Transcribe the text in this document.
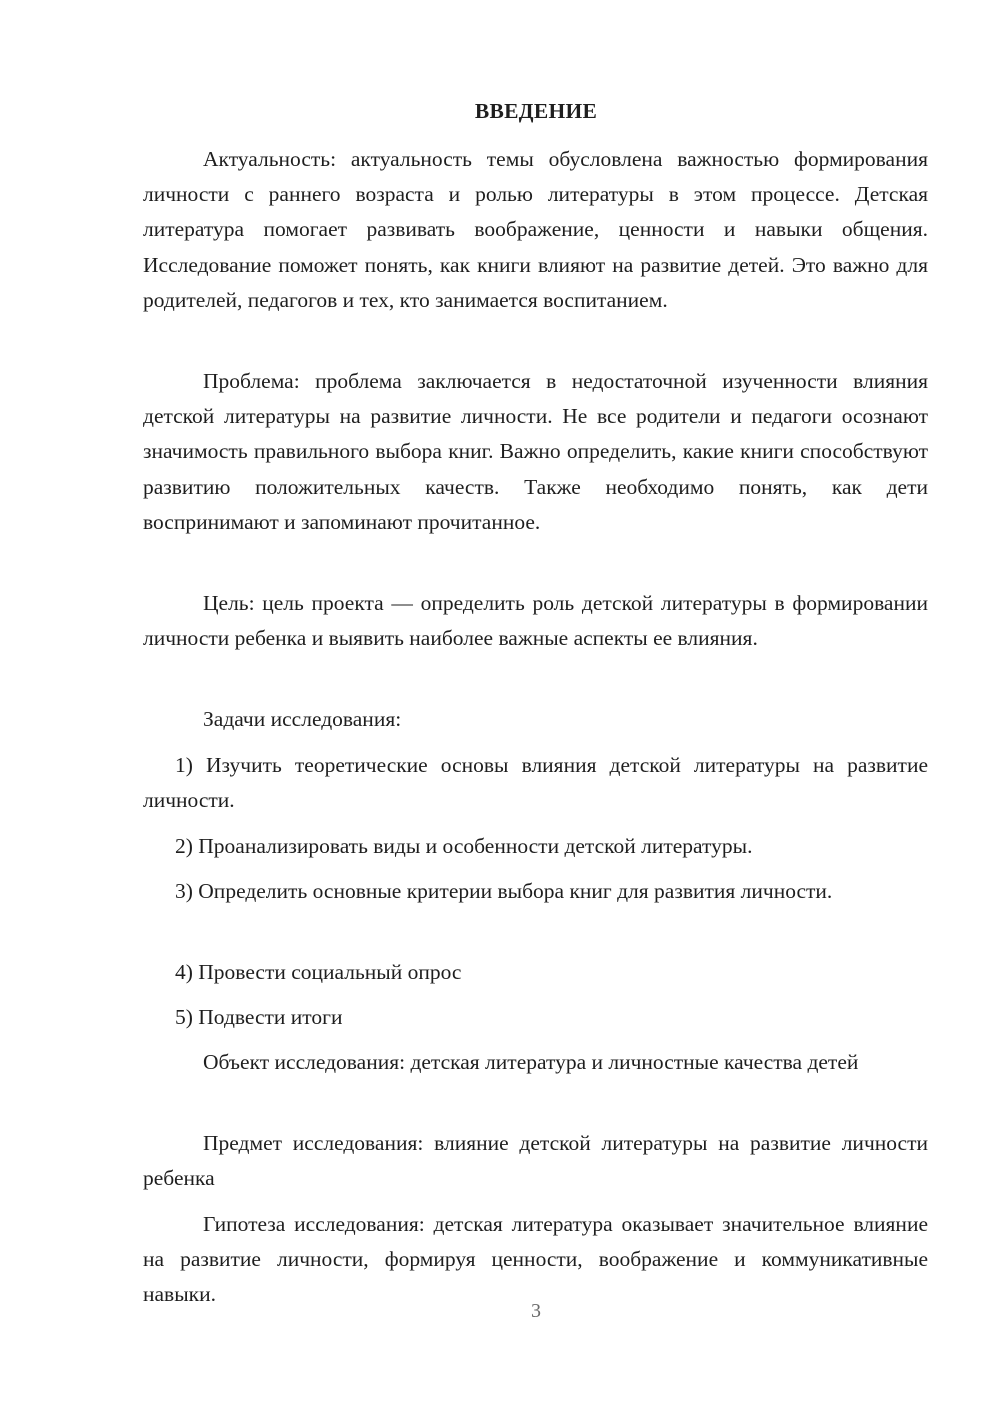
ВВЕДЕНИЕ

Актуальность: актуальность темы обусловлена важностью формирования личности с раннего возраста и ролью литературы в этом процессе. Детская литература помогает развивать воображение, ценности и навыки общения. Исследование поможет понять, как книги влияют на развитие детей. Это важно для родителей, педагогов и тех, кто занимается воспитанием.

Проблема: проблема заключается в недостаточной изученности влияния детской литературы на развитие личности. Не все родители и педагоги осознают значимость правильного выбора книг. Важно определить, какие книги способствуют развитию положительных качеств. Также необходимо понять, как дети воспринимают и запоминают прочитанное.

Цель: цель проекта — определить роль детской литературы в формировании личности ребенка и выявить наиболее важные аспекты ее влияния.

Задачи исследования:

1) Изучить теоретические основы влияния детской литературы на развитие личности.

2) Проанализировать виды и особенности детской литературы.

3) Определить основные критерии выбора книг для развития личности.

4) Провести социальный опрос

5) Подвести итоги

Объект исследования: детская литература и личностные качества детей

Предмет исследования: влияние детской литературы на развитие личности ребенка

Гипотеза исследования: детская литература оказывает значительное влияние на развитие личности, формируя ценности, воображение и коммуникативные навыки.

3
